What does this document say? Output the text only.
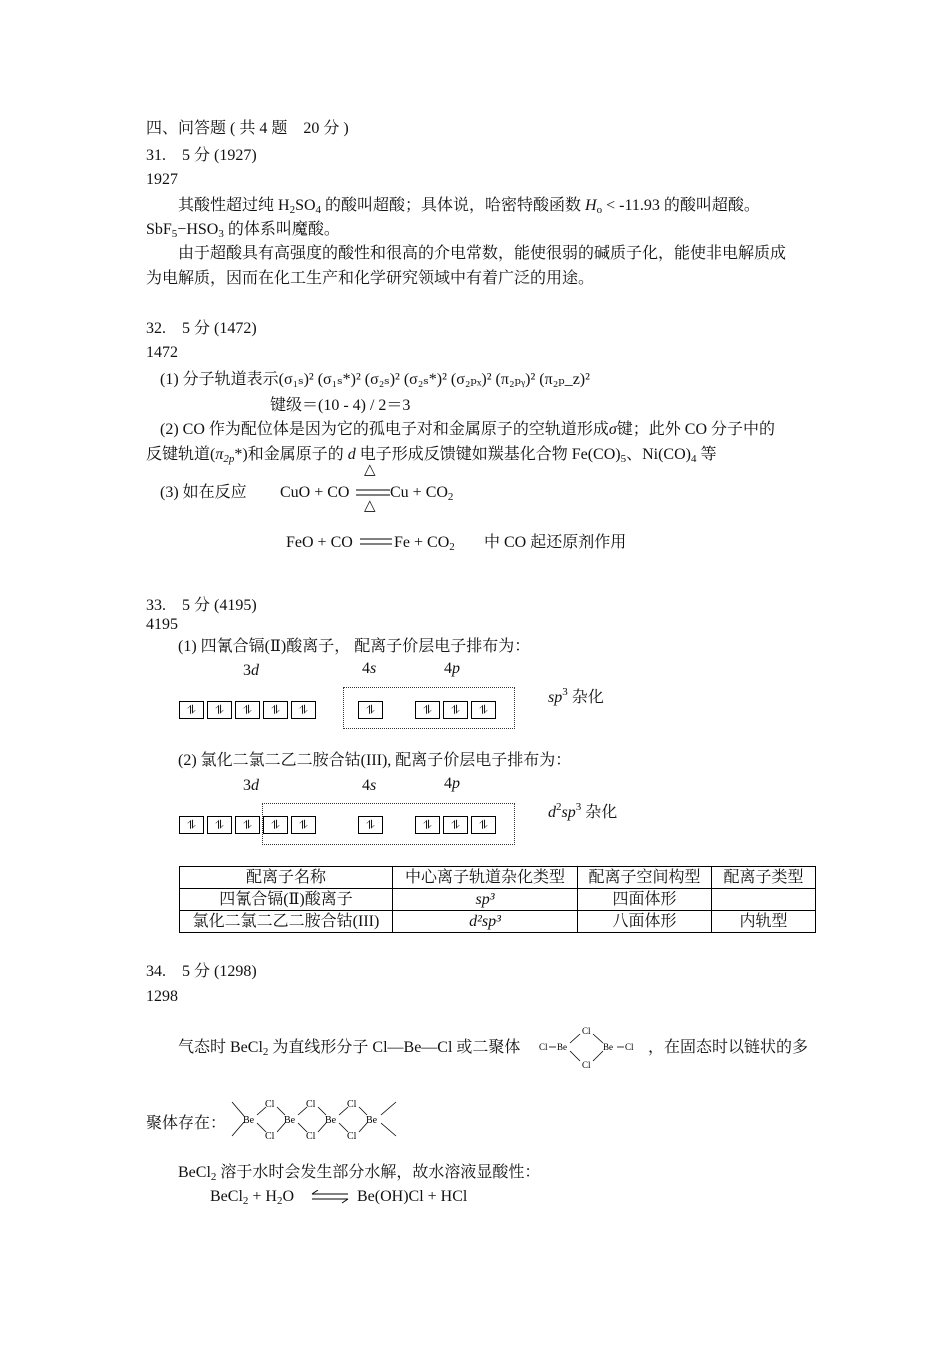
四、问答题 ( 共 4 题　20 分 )
31.　5 分 (1927)
1927
其酸性超过纯 $H_2SO_4$ 的酸叫超酸；具体说，哈密特酸函数 $H_o < -11.93$ 的酸叫超酸。
$SbF_5-HSO_3$ 的体系叫魔酸。
由于超酸具有高强度的酸性和很高的介电常数，能使很弱的碱质子化，能使非电解质成
为电解质，因而在化工生产和化学研究领域中有着广泛的用途。
32.　5 分 (1472)
1472
(1) 分子轨道表示(σ₁ₛ)² (σ₁ₛ*)² (σ₂ₛ)² (σ₂ₛ*)² (σ₂ₚₓ)² (π₂ₚᵧ)² (π₂ₚ_z)²
键级＝(10 - 4) / 2＝3
(2) CO 作为配位体是因为它的孤电子对和金属原子的空轨道形成σ键；此外 CO 分子中的
反键轨道$(\pi_{2p}*)$和金属原子的 d 电子形成反馈键如羰基化合物 $Fe(CO)_5$、$Ni(CO)_4$ 等
(3) 如在反应 CuO + CO
△
△
$Cu + CO_2$
FeO + CO	$Fe + CO_2$ 中 CO 起还原剂作用
33.　5 分 (4195)
4195
(1) 四氰合镉(Ⅱ)酸离子， 配离子价层电子排布为：
3d	4s	4p
⥮	⥮	⥮	⥮	⥮	⥮	⥮	⥮	⥮
$sp^3$ 杂化
(2) 氯化二氯二乙二胺合钴(III), 配离子价层电子排布为：
3d	4s	4p
⥮	⥮	⥮	⥮	⥮	⥮	⥮	⥮	⥮
$d^2sp^3$ 杂化
配离子名称	中心离子轨道杂化类型	配离子空间构型	配离子类型
四氰合镉(Ⅱ)酸离子	sp³	四面体形	
氯化二氯二乙二胺合钴(III)	d²sp³	八面体形	内轨型
34.　5 分 (1298)
1298
气态时 BeCl$_2$ 为直线形分子 Cl—Be—Cl 或二聚体 Cl Be
Cl
Cl
Be Cl ，在固态时以链状的多
聚体存在： Be
Cl
Cl
Be
Cl
Cl
Be
Cl
Cl
Be
BeCl$_2$ 溶于水时会发生部分水解，故水溶液显酸性：
BeCl$_2$ + $H_2O$ ⇌ Be(OH)Cl + HCl
